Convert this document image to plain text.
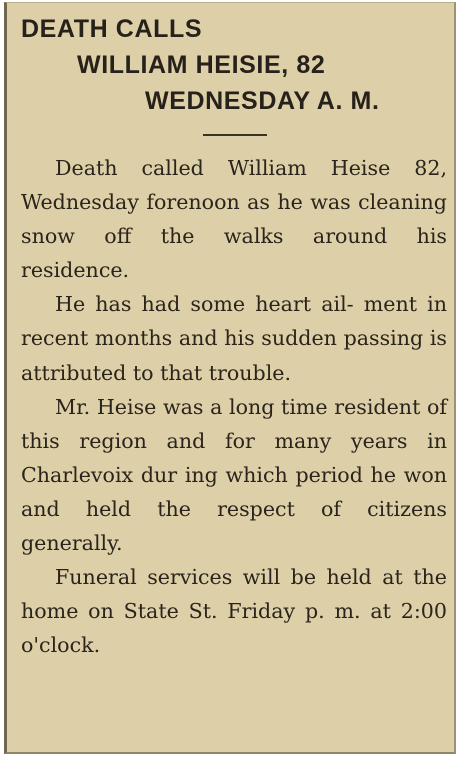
DEATH CALLS
WILLIAM HEISIE, 82
WEDNESDAY A. M.

Death called William Heise 82, Wednesday forenoon as he was cleaning snow off the walks around his residence.

He has had some heart ail- ment in recent months and his sudden passing is attributed to that trouble.

Mr. Heise was a long time resident of this region and for many years in Charlevoix dur ing which period he won and held the respect of citizens generally.

Funeral services will be held at the home on State St. Friday p. m. at 2:00 o'clock.
